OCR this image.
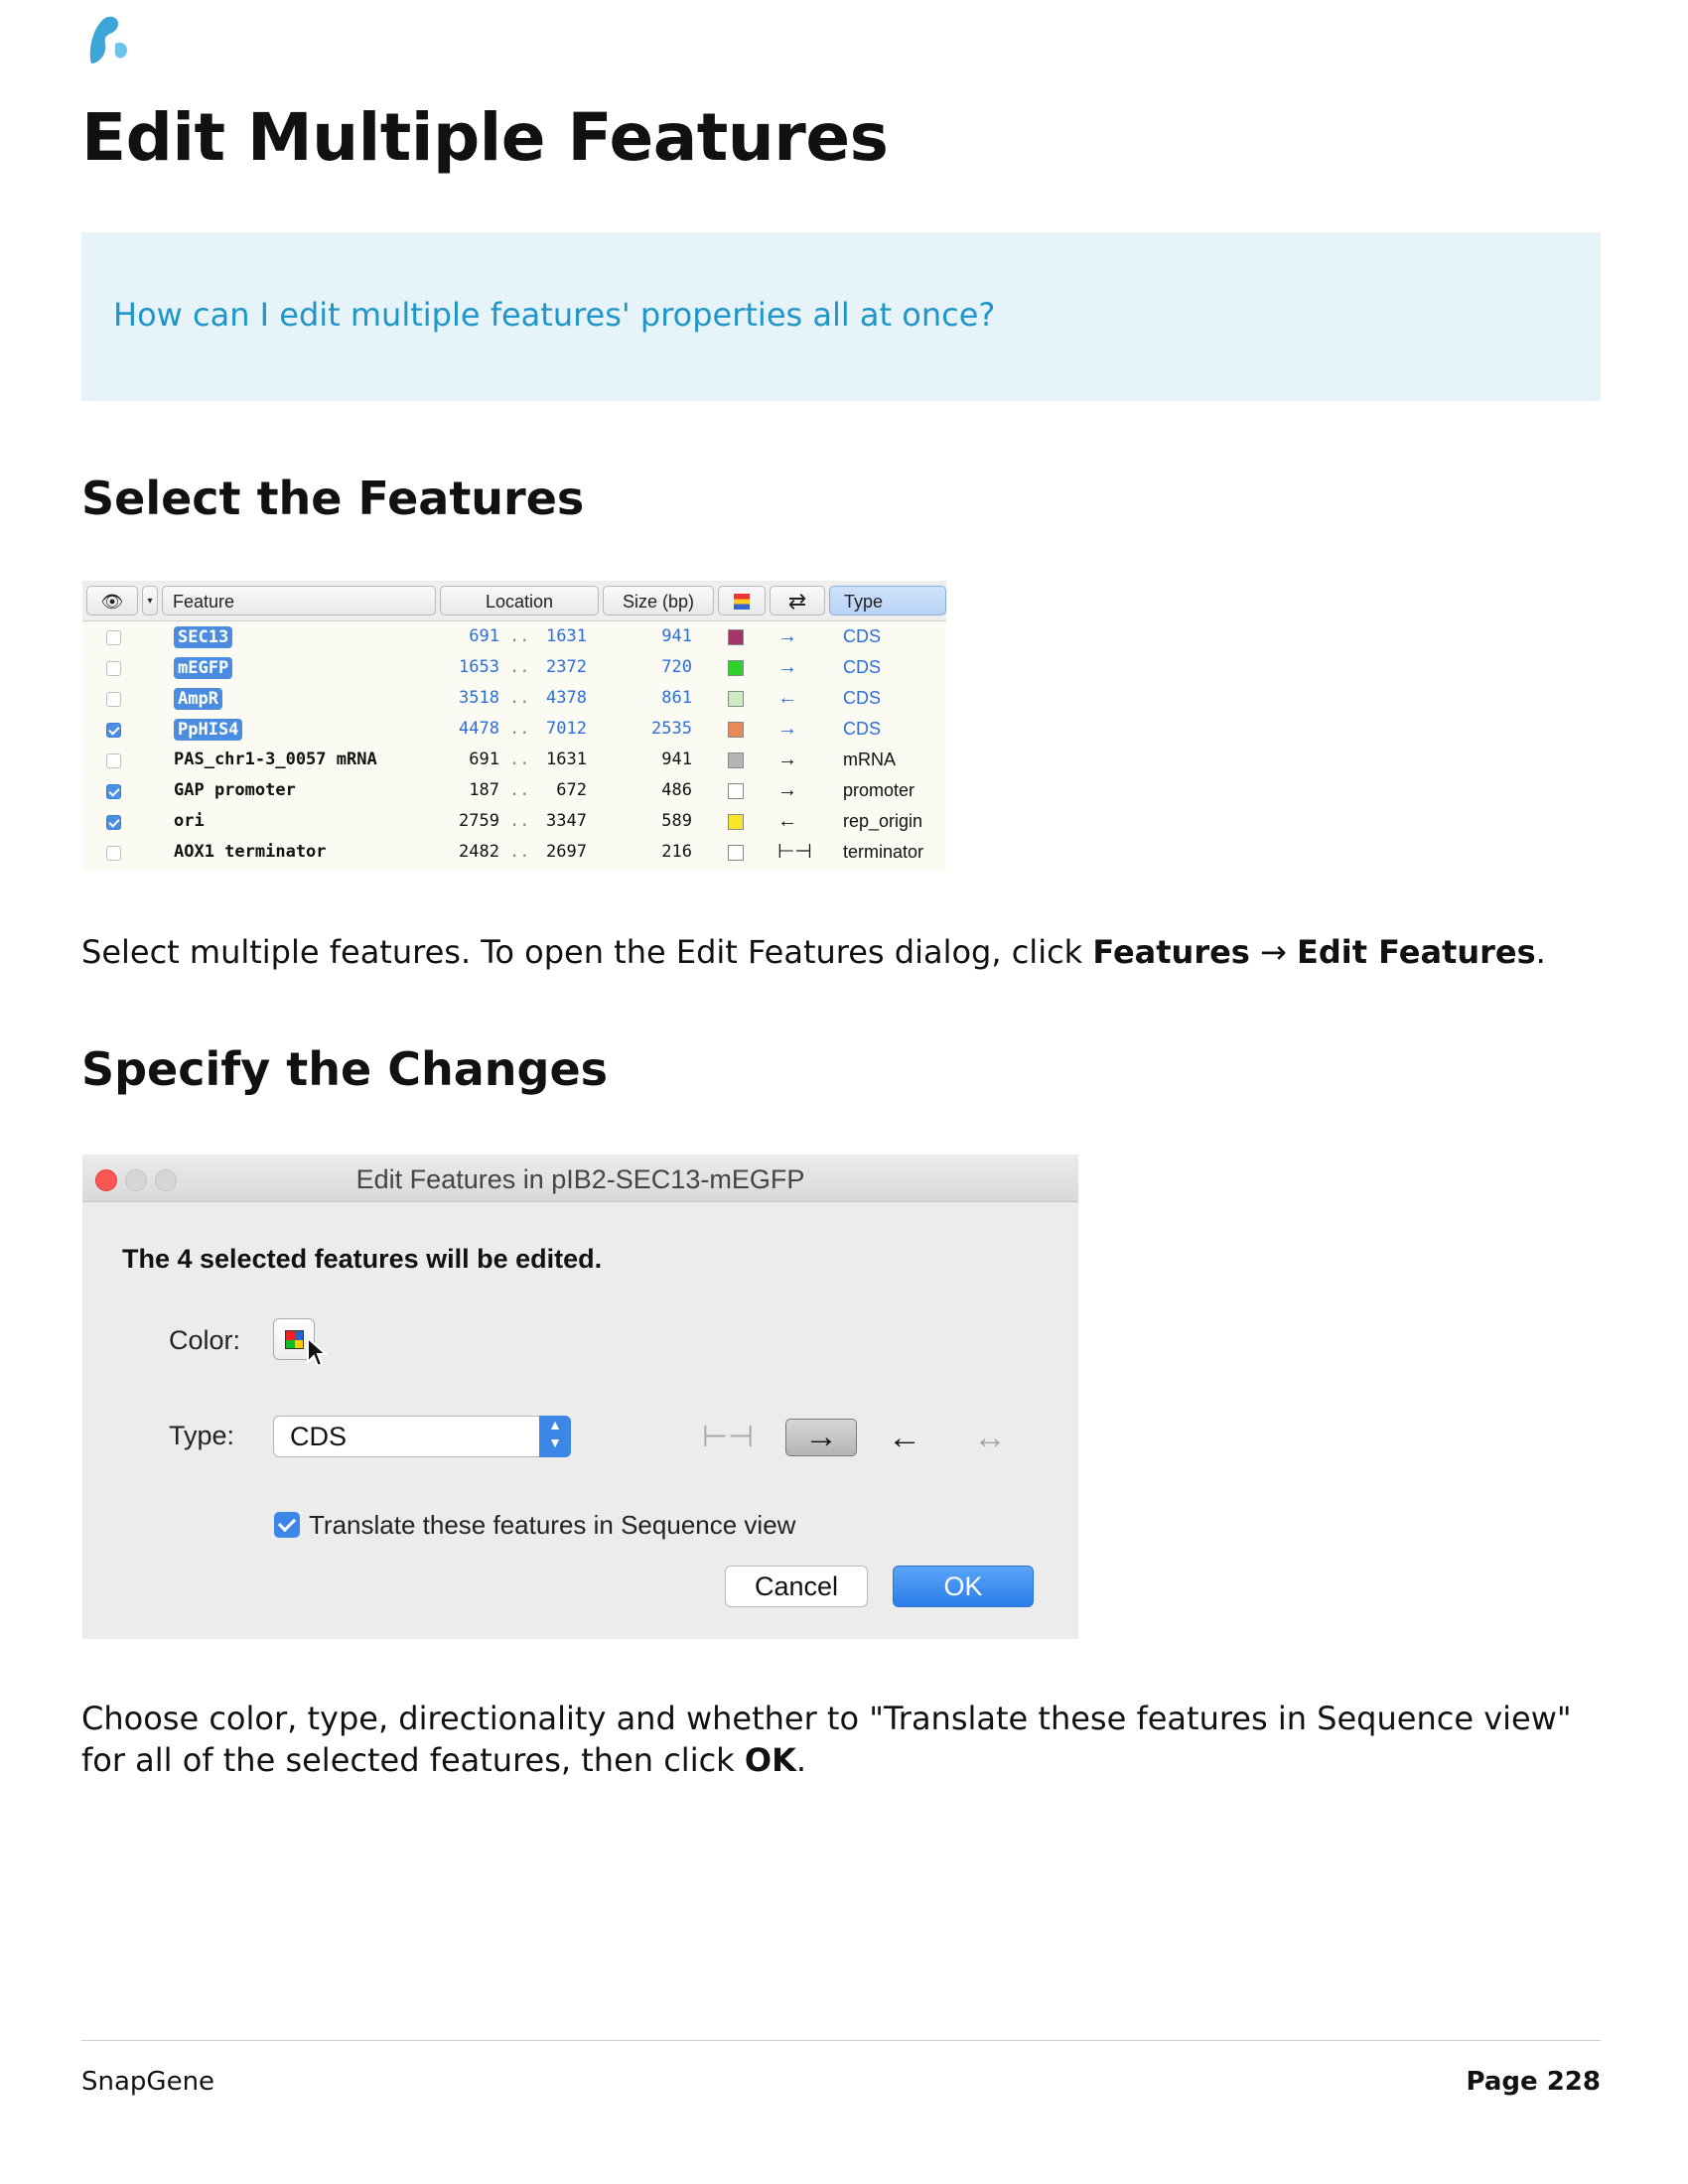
Edit Multiple Features
How can I edit multiple features' properties all at once?
Select the Features
👁	▾	Feature	Location	Size (bp)	⇄	Type
SEC13	691 .. 1631	941	→	CDS
mEGFP	1653 .. 2372	720	→	CDS
AmpR	3518 .. 4378	861	←	CDS
PpHIS4	4478 .. 7012	2535	→	CDS
PAS_chr1-3_0057 mRNA	691 .. 1631	941	→	mRNA
GAP promoter	187 .. 672	486	→	promoter
ori	2759 .. 3347	589	←	rep_origin
AOX1 terminator	2482 .. 2697	216	⊢⊣ terminator
Select multiple features. To open the Edit Features dialog, click Features → Edit Features.
Specify the Changes
Edit Features in pIB2-SEC13-mEGFP
The 4 selected features will be edited.
Color:
Type:	CDS	▲
▼	⊢⊣	→	←	↔
Translate these features in Sequence view
Cancel	OK
Choose color, type, directionality and whether to "Translate these features in Sequence view" for all of the selected features, then click OK.
SnapGene	Page 228
